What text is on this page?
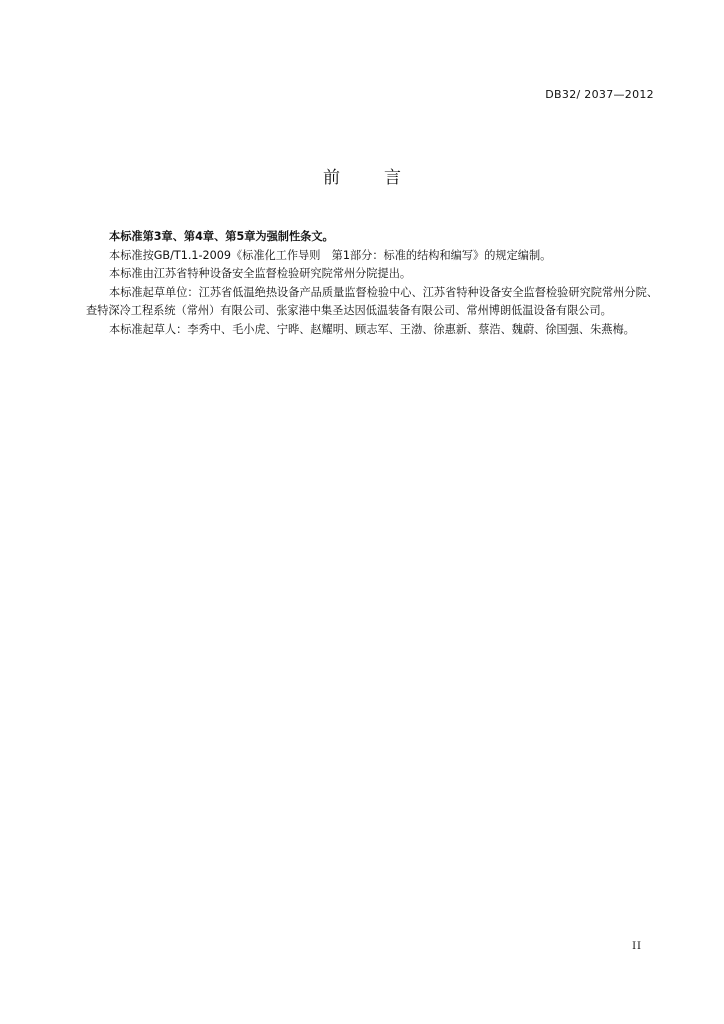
DB32/ 2037—2012
前	言

本标准第3章、第4章、第5章为强制性条文。

本标准按GB/T1.1-2009《标准化工作导则　第1部分：标准的结构和编写》的规定编制。

本标准由江苏省特种设备安全监督检验研究院常州分院提出。

本标准起草单位：江苏省低温绝热设备产品质量监督检验中心、江苏省特种设备安全监督检验研究院常州分院、查特深冷工程系统（常州）有限公司、张家港中集圣达因低温装备有限公司、常州博朗低温设备有限公司。

本标准起草人：李秀中、毛小虎、宁晔、赵耀明、顾志军、王渤、徐惠新、蔡浩、魏蔚、徐国强、朱燕梅。

II
